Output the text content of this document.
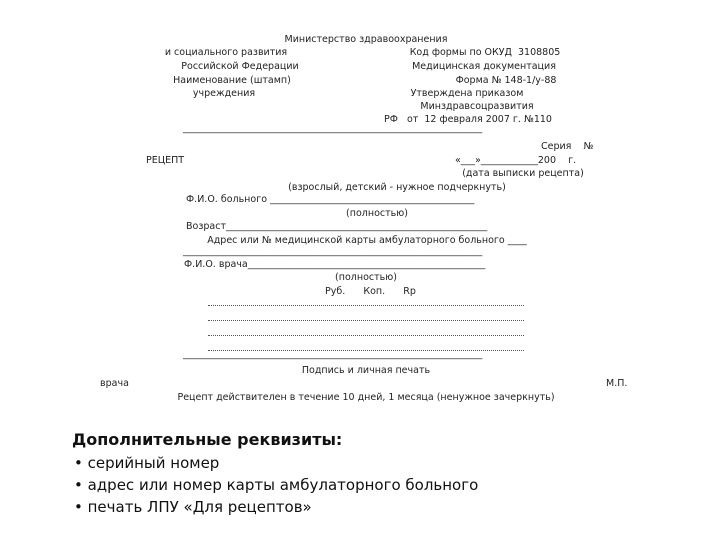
Министерство здравоохранения
и социального развития
Российской Федерации
Наименование (штамп)
учреждения
Код формы по ОКУД  3108805
Медицинская документация
Форма № 148-1/у-88
Утверждена приказом
Минздравсоцразвития
РФ   от  12 февраля 2007 г. №110
_______________________________________________________________
Серия    №
РЕЦЕПТ	«___»____________200    г.
(дата выписки рецепта)
(взрослый, детский - нужное подчеркнуть)
Ф.И.О. больного ___________________________________________
(полностью)
Возраст_______________________________________________________
Адрес или № медицинской карты амбулаторного больного ____
_______________________________________________________________
Ф.И.О. врача__________________________________________________
(полностью)
Руб.      Коп.      Rp
_______________________________________________________________
Подпись и личная печать
врача	М.П.
Рецепт действителен в течение 10 дней, 1 месяца (ненужное зачеркнуть)
Дополнительные реквизиты:
• серийный номер
• адрес или номер карты амбулаторного больного
• печать ЛПУ «Для рецептов»
